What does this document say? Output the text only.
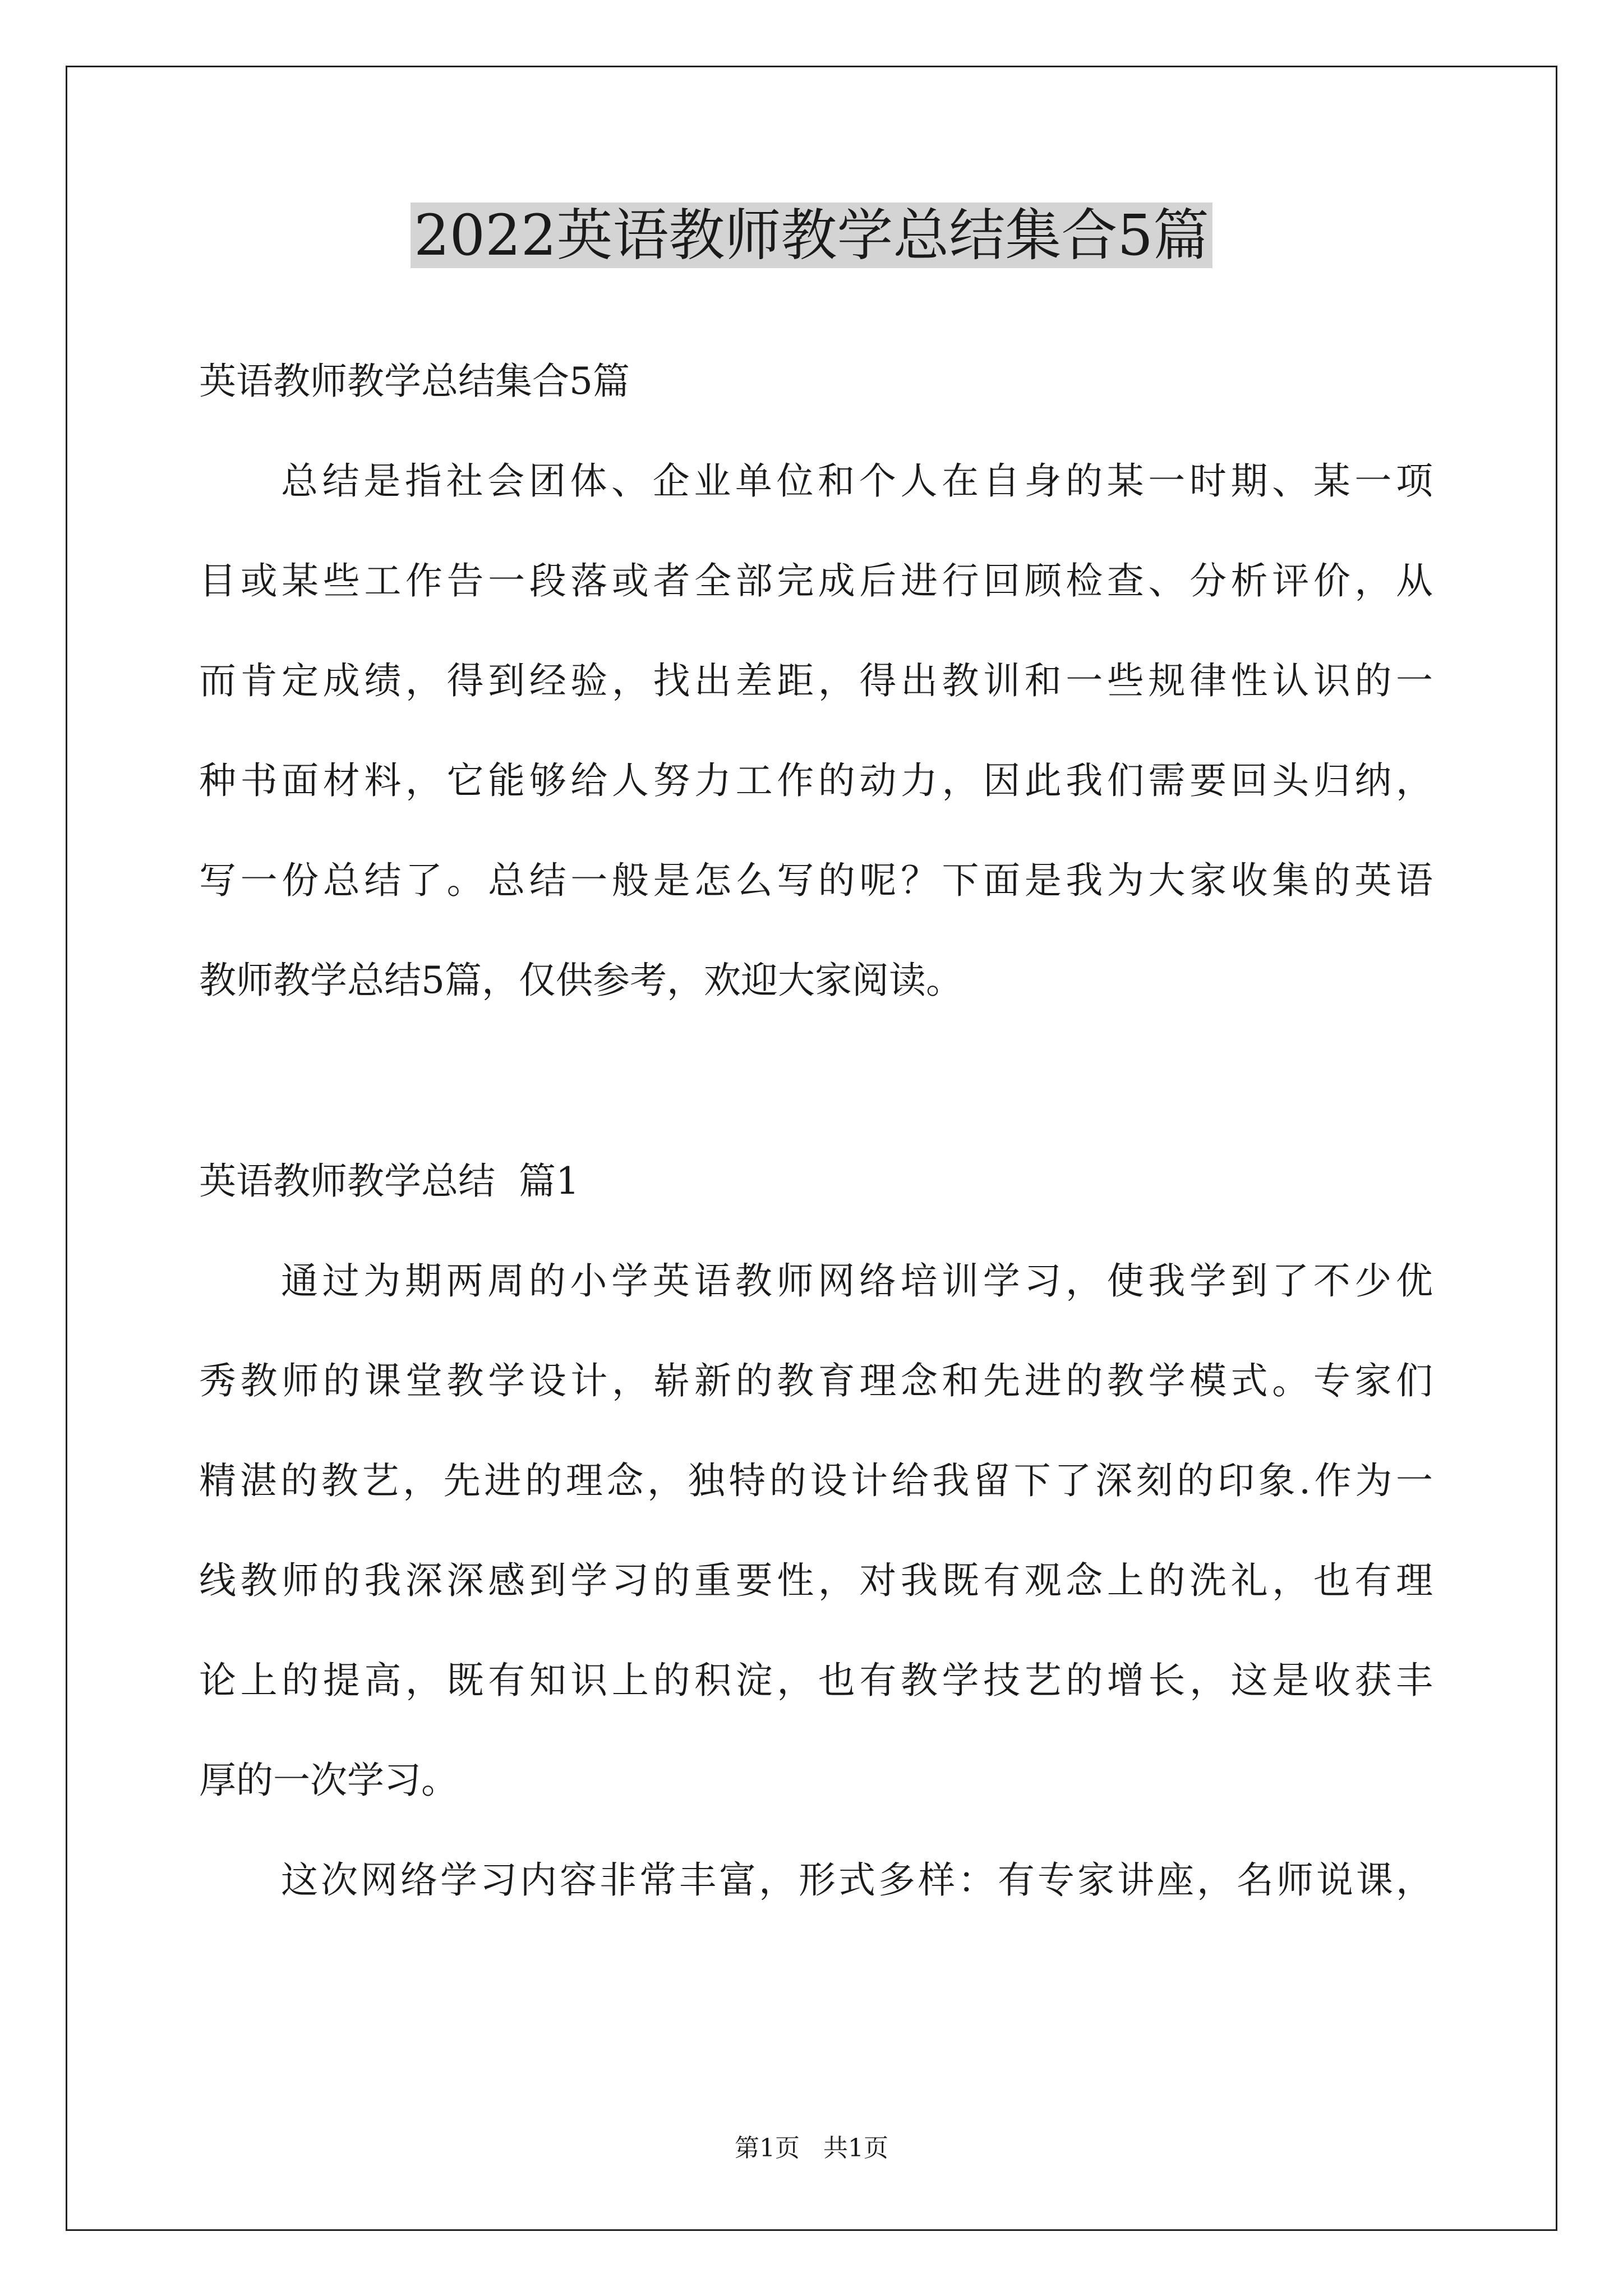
2022英语教师教学总结集合5篇
英语教师教学总结集合5篇
总结是指社会团体、企业单位和个人在自身的某一时期、某一项
目或某些工作告一段落或者全部完成后进行回顾检查、分析评价，从
而肯定成绩，得到经验，找出差距，得出教训和一些规律性认识的一
种书面材料，它能够给人努力工作的动力，因此我们需要回头归纳，
写一份总结了。总结一般是怎么写的呢？下面是我为大家收集的英语
教师教学总结5篇，仅供参考，欢迎大家阅读。
英语教师教学总结  篇1
通过为期两周的小学英语教师网络培训学习，使我学到了不少优
秀教师的课堂教学设计，崭新的教育理念和先进的教学模式。专家们
精湛的教艺，先进的理念，独特的设计给我留下了深刻的印象.作为一
线教师的我深深感到学习的重要性，对我既有观念上的洗礼，也有理
论上的提高，既有知识上的积淀，也有教学技艺的增长，这是收获丰
厚的一次学习。
这次网络学习内容非常丰富，形式多样：有专家讲座，名师说课，
第1页   共1页
